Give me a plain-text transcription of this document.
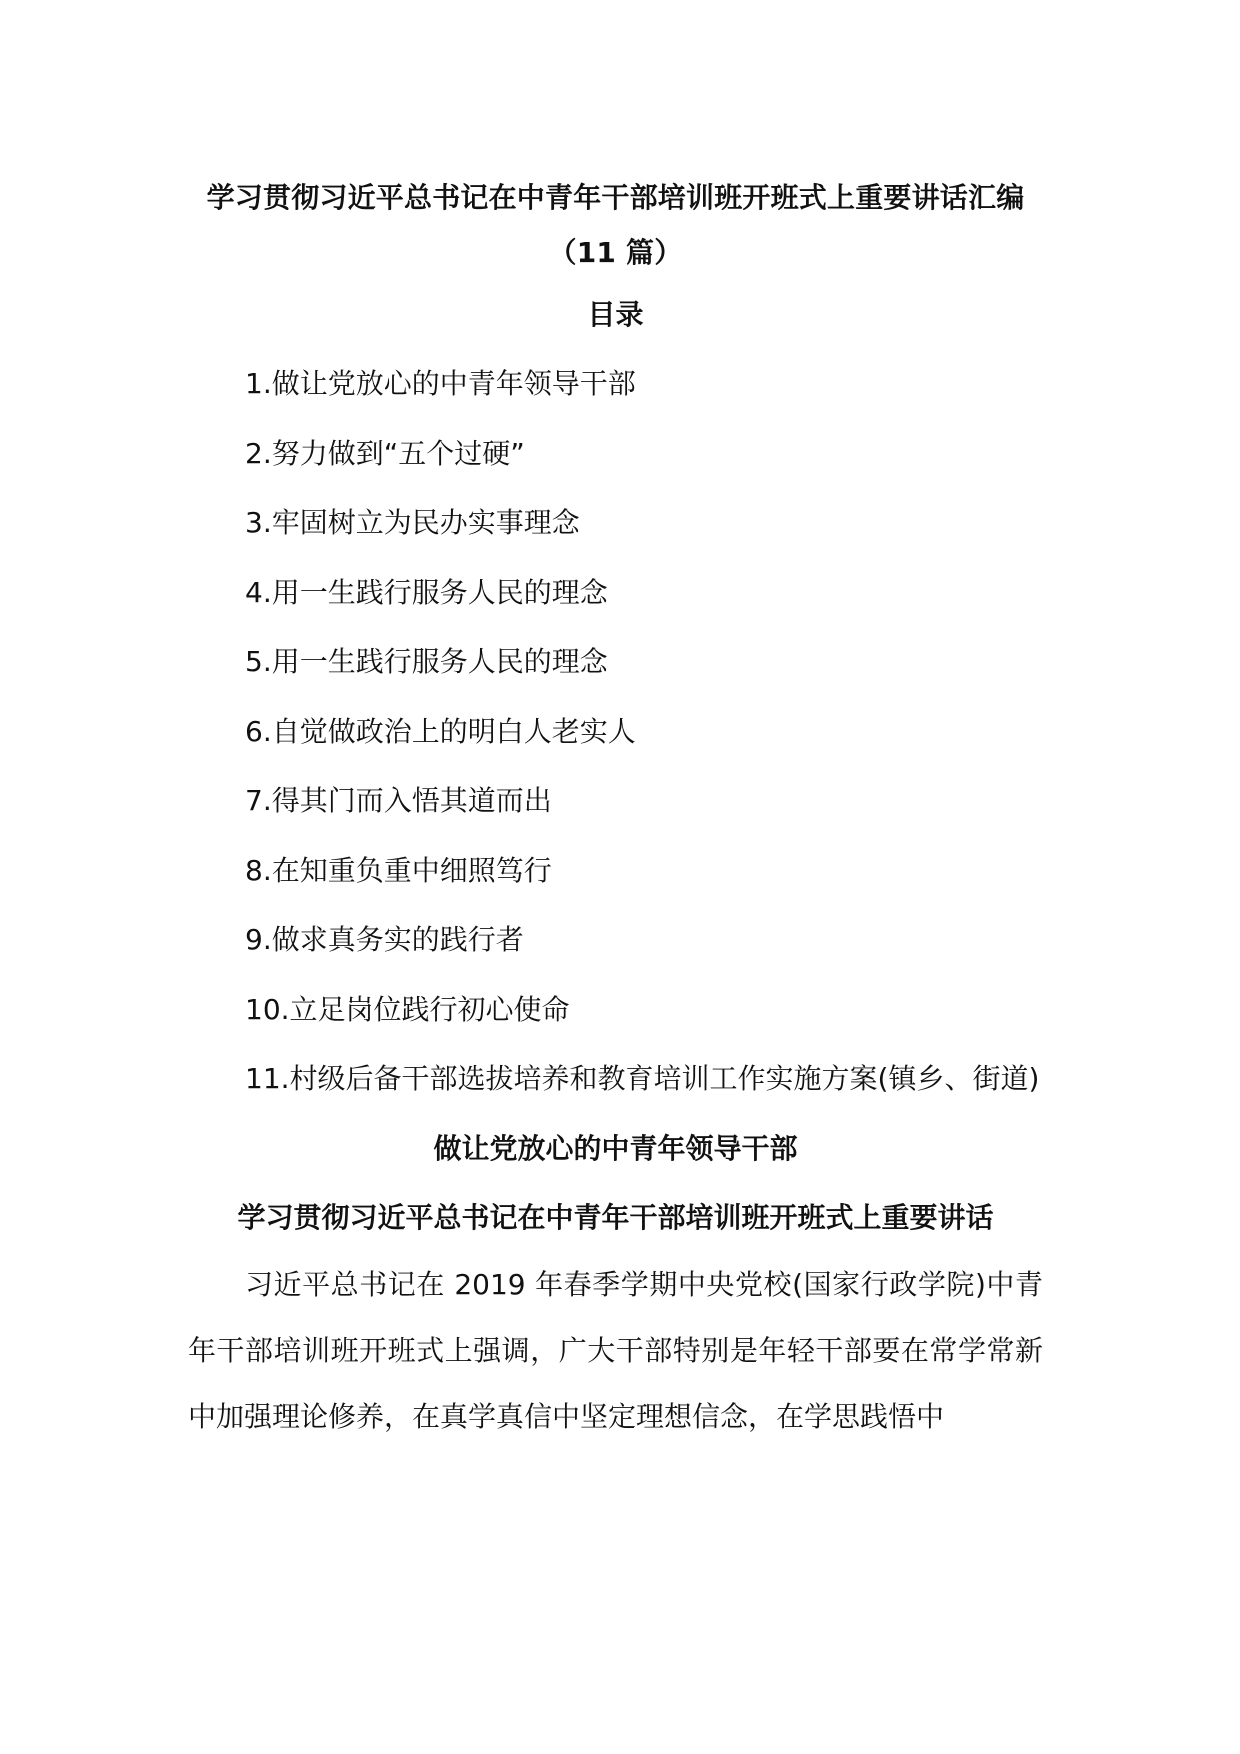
学习贯彻习近平总书记在中青年干部培训班开班式上重要讲话汇编
（11 篇）
目录
1.做让党放心的中青年领导干部
2.努力做到“五个过硬”
3.牢固树立为民办实事理念
4.用一生践行服务人民的理念
5.用一生践行服务人民的理念
6.自觉做政治上的明白人老实人
7.得其门而入悟其道而出
8.在知重负重中细照笃行
9.做求真务实的践行者
10.立足岗位践行初心使命
11.村级后备干部选拔培养和教育培训工作实施方案(镇乡、街道)
做让党放心的中青年领导干部
学习贯彻习近平总书记在中青年干部培训班开班式上重要讲话

习近平总书记在 2019 年春季学期中央党校(国家行政学院)中青年干部培训班开班式上强调，广大干部特别是年轻干部要在常学常新中加强理论修养，在真学真信中坚定理想信念，在学思践悟中
